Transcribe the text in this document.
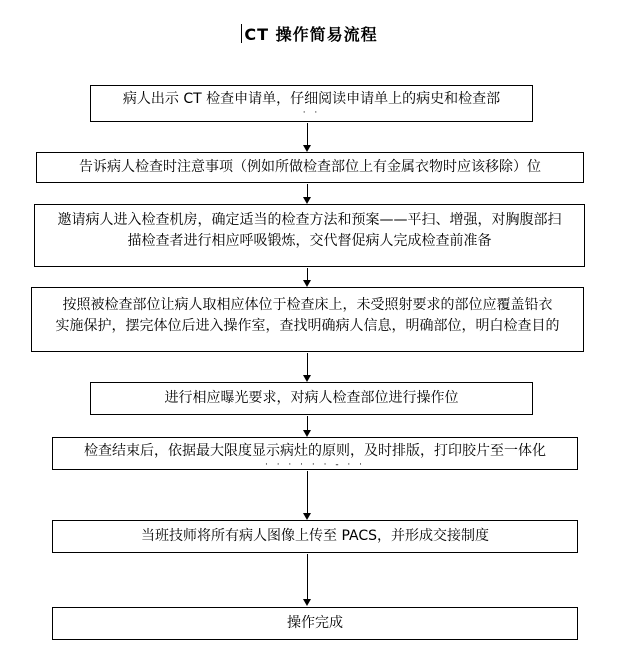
CT 操作简易流程
病人出示 CT 检查申请单，仔细阅读申请单上的病史和检查部
· ·
告诉病人检查时注意事项（例如所做检查部位上有金属衣物时应该移除）位
邀请病人进入检查机房，确定适当的检查方法和预案——平扫、增强，对胸腹部扫
描检查者进行相应呼吸锻炼，交代督促病人完成检查前准备
按照被检查部位让病人取相应体位于检查床上，未受照射要求的部位应覆盖铅衣
实施保护，摆完体位后进入操作室，查找明确病人信息，明确部位，明白检查目的
进行相应曝光要求，对病人检查部位进行操作位
检查结束后，依据最大限度显示病灶的原则，及时排版，打印胶片至一体化
· · · · · · ‐ · ·
当班技师将所有病人图像上传至 PACS，并形成交接制度
操作完成
